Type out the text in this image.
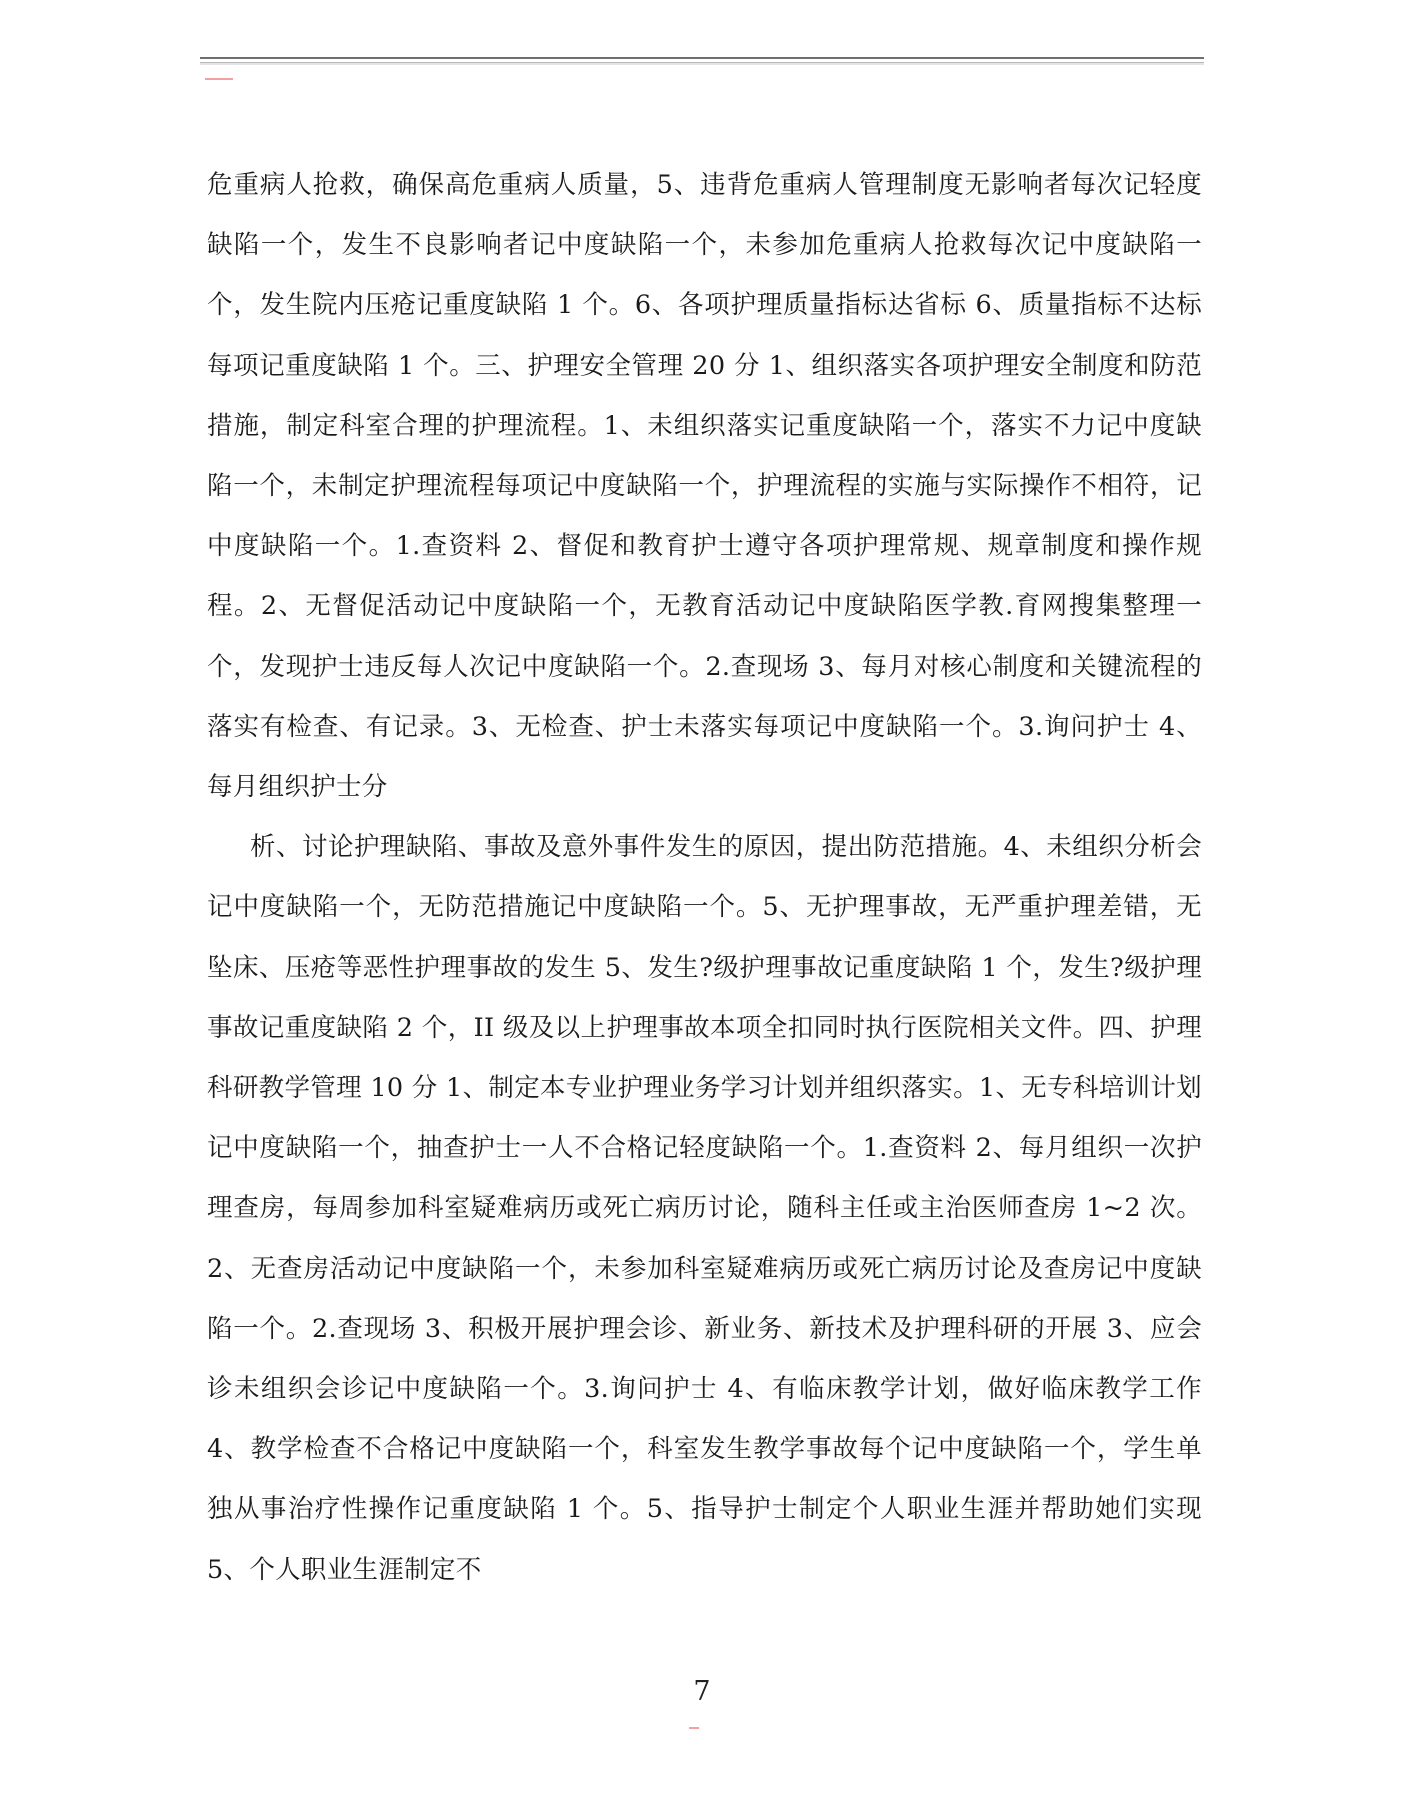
危重病人抢救，确保高危重病人质量，5、违背危重病人管理制度无影响者每次记轻度缺陷一个，发生不良影响者记中度缺陷一个，未参加危重病人抢救每次记中度缺陷一个，发生院内压疮记重度缺陷 1 个。6、各项护理质量指标达省标 6、质量指标不达标每项记重度缺陷 1 个。三、护理安全管理 20 分 1、组织落实各项护理安全制度和防范措施，制定科室合理的护理流程。1、未组织落实记重度缺陷一个，落实不力记中度缺陷一个，未制定护理流程每项记中度缺陷一个，护理流程的实施与实际操作不相符，记中度缺陷一个。1.查资料 2、督促和教育护士遵守各项护理常规、规章制度和操作规程。2、无督促活动记中度缺陷一个，无教育活动记中度缺陷医学教.育网搜集整理一个，发现护士违反每人次记中度缺陷一个。2.查现场 3、每月对核心制度和关键流程的落实有检查、有记录。3、无检查、护士未落实每项记中度缺陷一个。3.询问护士 4、每月组织护士分

析、讨论护理缺陷、事故及意外事件发生的原因，提出防范措施。4、未组织分析会记中度缺陷一个，无防范措施记中度缺陷一个。5、无护理事故，无严重护理差错，无坠床、压疮等恶性护理事故的发生 5、发生?级护理事故记重度缺陷 1 个，发生?级护理事故记重度缺陷 2 个，II 级及以上护理事故本项全扣同时执行医院相关文件。四、护理科研教学管理 10 分 1、制定本专业护理业务学习计划并组织落实。1、无专科培训计划记中度缺陷一个，抽查护士一人不合格记轻度缺陷一个。1.查资料 2、每月组织一次护理查房，每周参加科室疑难病历或死亡病历讨论，随科主任或主治医师查房 1~2 次。2、无查房活动记中度缺陷一个，未参加科室疑难病历或死亡病历讨论及查房记中度缺陷一个。2.查现场 3、积极开展护理会诊、新业务、新技术及护理科研的开展 3、应会诊未组织会诊记中度缺陷一个。3.询问护士 4、有临床教学计划，做好临床教学工作 4、教学检查不合格记中度缺陷一个，科室发生教学事故每个记中度缺陷一个，学生单独从事治疗性操作记重度缺陷 1 个。5、指导护士制定个人职业生涯并帮助她们实现 5、个人职业生涯制定不

7
